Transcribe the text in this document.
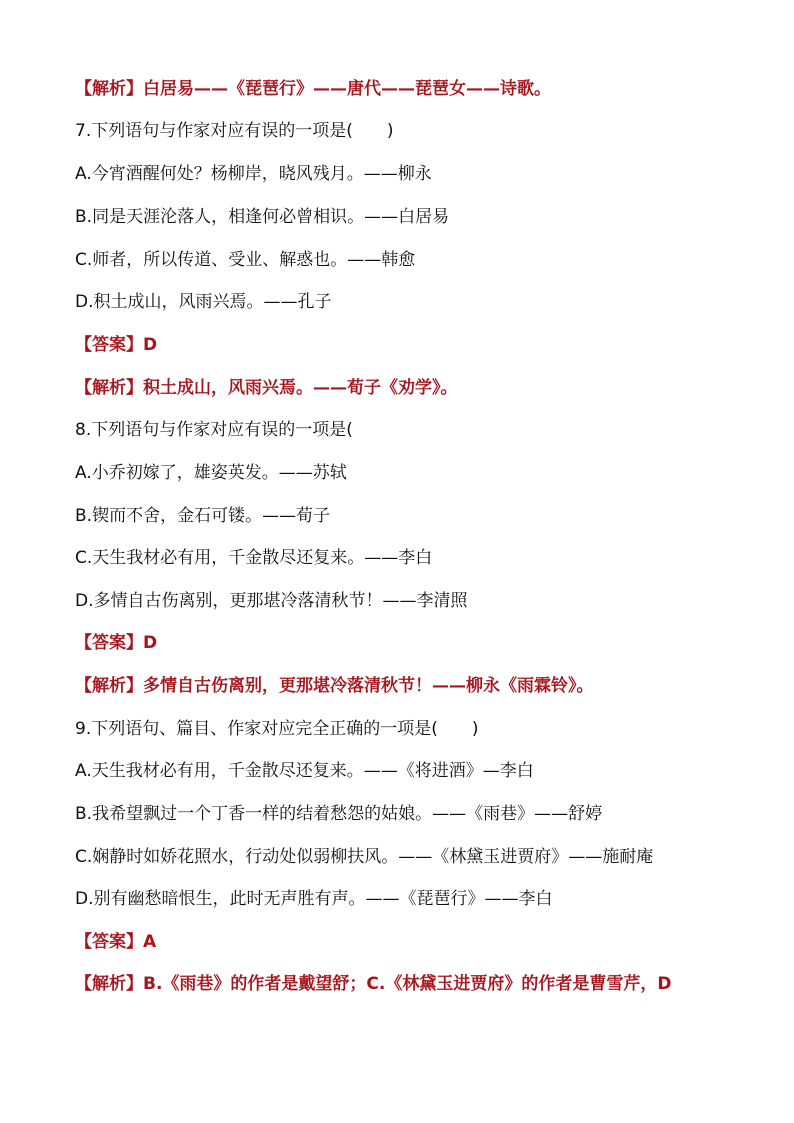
【解析】白居易——《琵琶行》——唐代——琵琶女——诗歌。
7.下列语句与作家对应有误的一项是(　　)
A.今宵酒醒何处？杨柳岸，晓风残月。——柳永
B.同是天涯沦落人，相逢何必曾相识。——白居易
C.师者，所以传道、受业、解惑也。——韩愈
D.积土成山，风雨兴焉。——孔子
【答案】D
【解析】积土成山，风雨兴焉。——荀子《劝学》。
8.下列语句与作家对应有误的一项是(
A.小乔初嫁了，雄姿英发。——苏轼
B.锲而不舍，金石可镂。——荀子
C.天生我材必有用，千金散尽还复来。——李白
D.多情自古伤离别，更那堪冷落清秋节！——李清照
【答案】D
【解析】多情自古伤离别，更那堪冷落清秋节！——柳永《雨霖铃》。
9.下列语句、篇目、作家对应完全正确的一项是(　　)
A.天生我材必有用，千金散尽还复来。——《将进酒》—李白
B.我希望飘过一个丁香一样的结着愁怨的姑娘。——《雨巷》——舒婷
C.娴静时如娇花照水，行动处似弱柳扶风。——《林黛玉进贾府》——施耐庵
D.别有幽愁暗恨生，此时无声胜有声。——《琵琶行》——李白
【答案】A
【解析】B.《雨巷》的作者是戴望舒；C.《林黛玉进贾府》的作者是曹雪芹，D
